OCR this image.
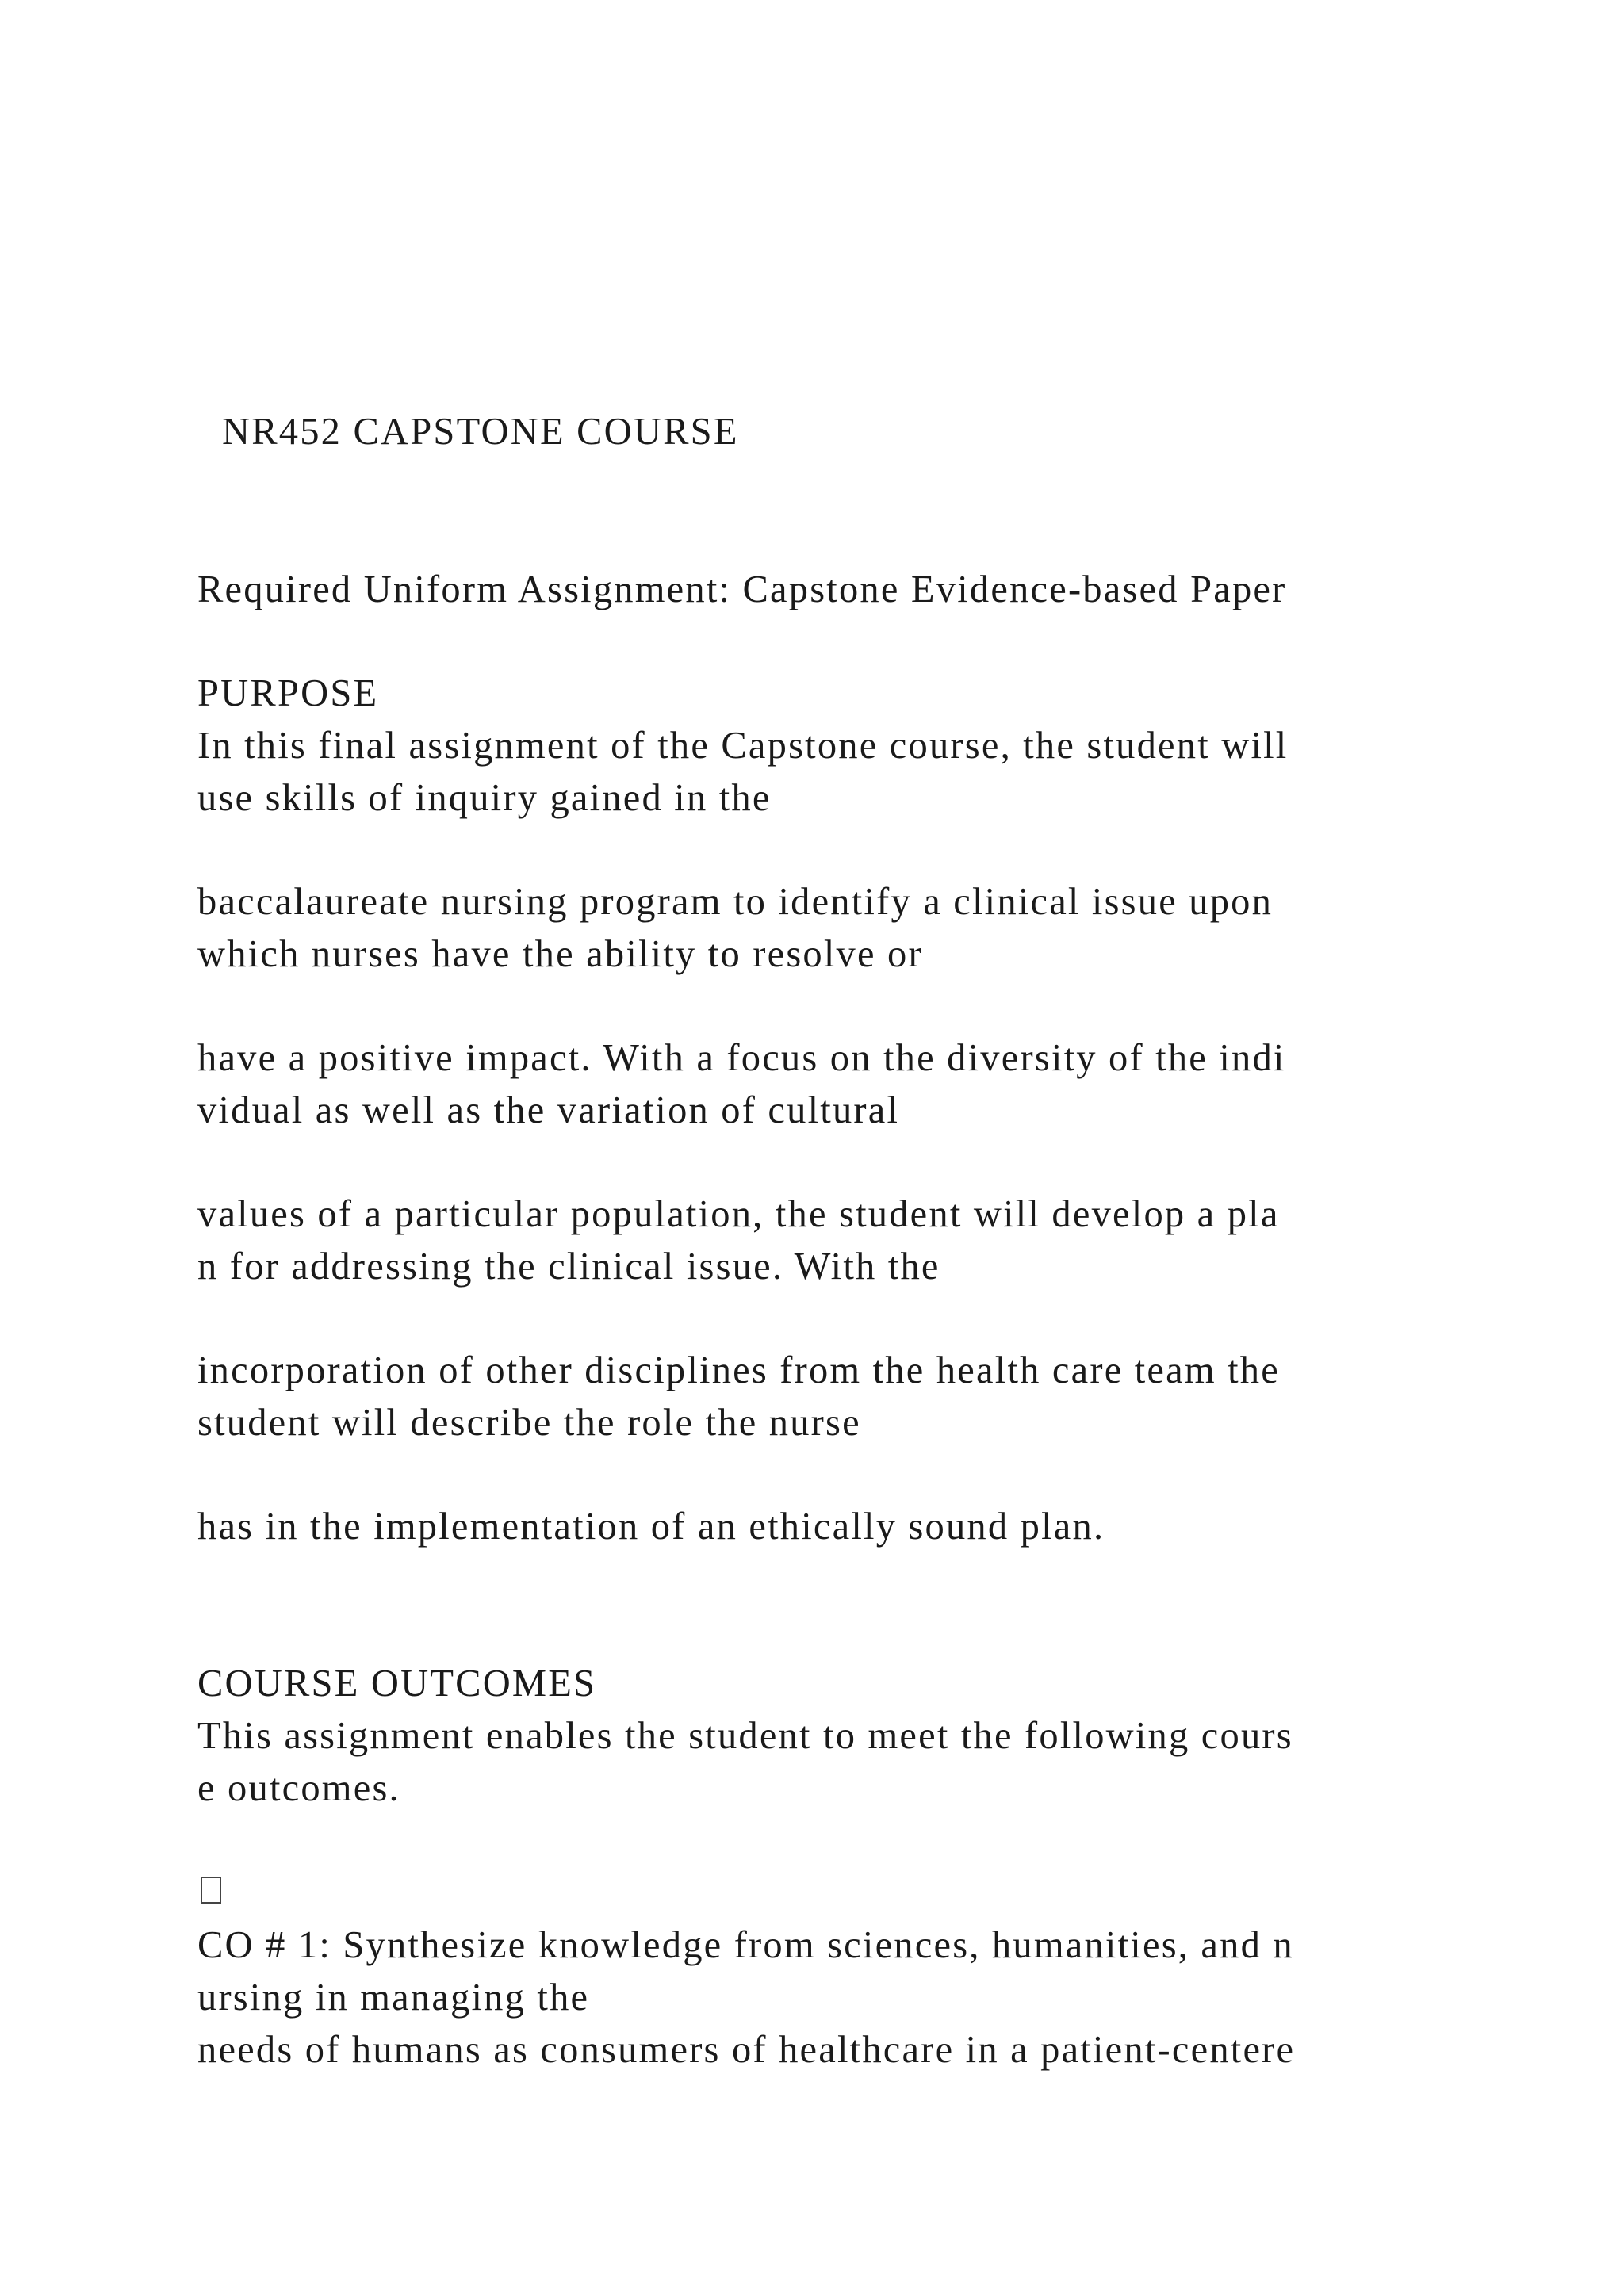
NR452 CAPSTONE COURSE
Required Uniform Assignment: Capstone Evidence-based Paper
PURPOSE
In this final assignment of the Capstone course, the student will
use skills of inquiry gained in the
baccalaureate nursing program to identify a clinical issue upon
which nurses have the ability to resolve or
have a positive impact. With a focus on the diversity of the indi
vidual as well as the variation of cultural
values of a particular population, the student will develop a pla
n for addressing the clinical issue. With the
incorporation of other disciplines from the health care team the
student will describe the role the nurse
has in the implementation of an ethically sound plan.
COURSE OUTCOMES
This assignment enables the student to meet the following cours
e outcomes.
CO # 1: Synthesize knowledge from sciences, humanities, and n
ursing in managing the
needs of humans as consumers of healthcare in a patient-centere
